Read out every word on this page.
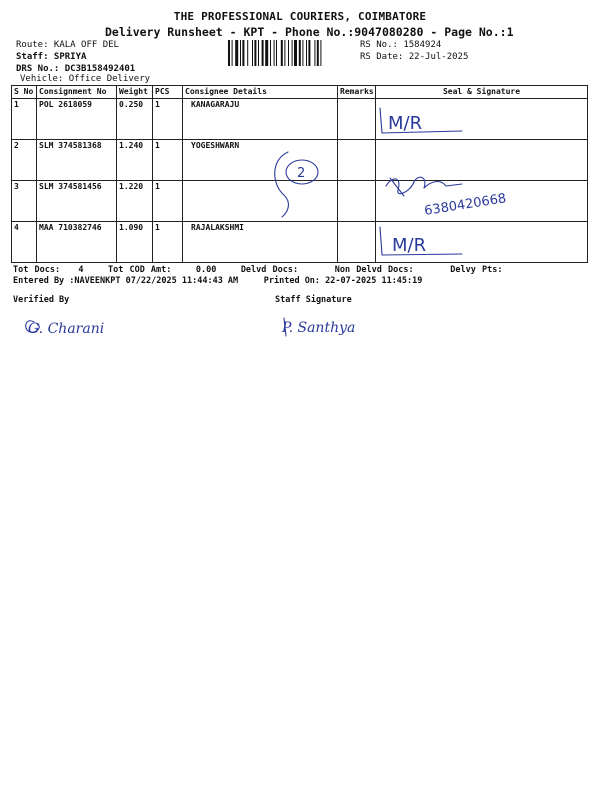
THE PROFESSIONAL COURIERS, COIMBATORE
Delivery Runsheet - KPT - Phone No.:9047080280 - Page No.:1
Route: KALA OFF DEL
Staff: SPRIYA
DRS No.: DC3B158492401
Vehicle: Office Delivery
RS No.: 1584924
RS Date: 22-Jul-2025
S No	Consignment No	Weight	PCS	Consignee Details	Remarks	Seal & Signature
1	POL 2618059	0.250	1	KANAGARAJU		
2	SLM 374581368	1.240	1	YOGESHWARN		
3	SLM 374581456	1.220	1			
4	MAA 710382746	1.090	1	RAJALAKSHMI		
Tot Docs:   4    Tot COD Amt:    0.00    Delvd Docs:      Non Delvd Docs:      Delvy Pts:
Entered By :NAVEENKPT 07/22/2025 11:44:43 AM     Printed On: 22-07-2025 11:45:19
Verified By	Staff Signature
M/R
M/R
2
6380420668
G. Charani	P. Santhya
